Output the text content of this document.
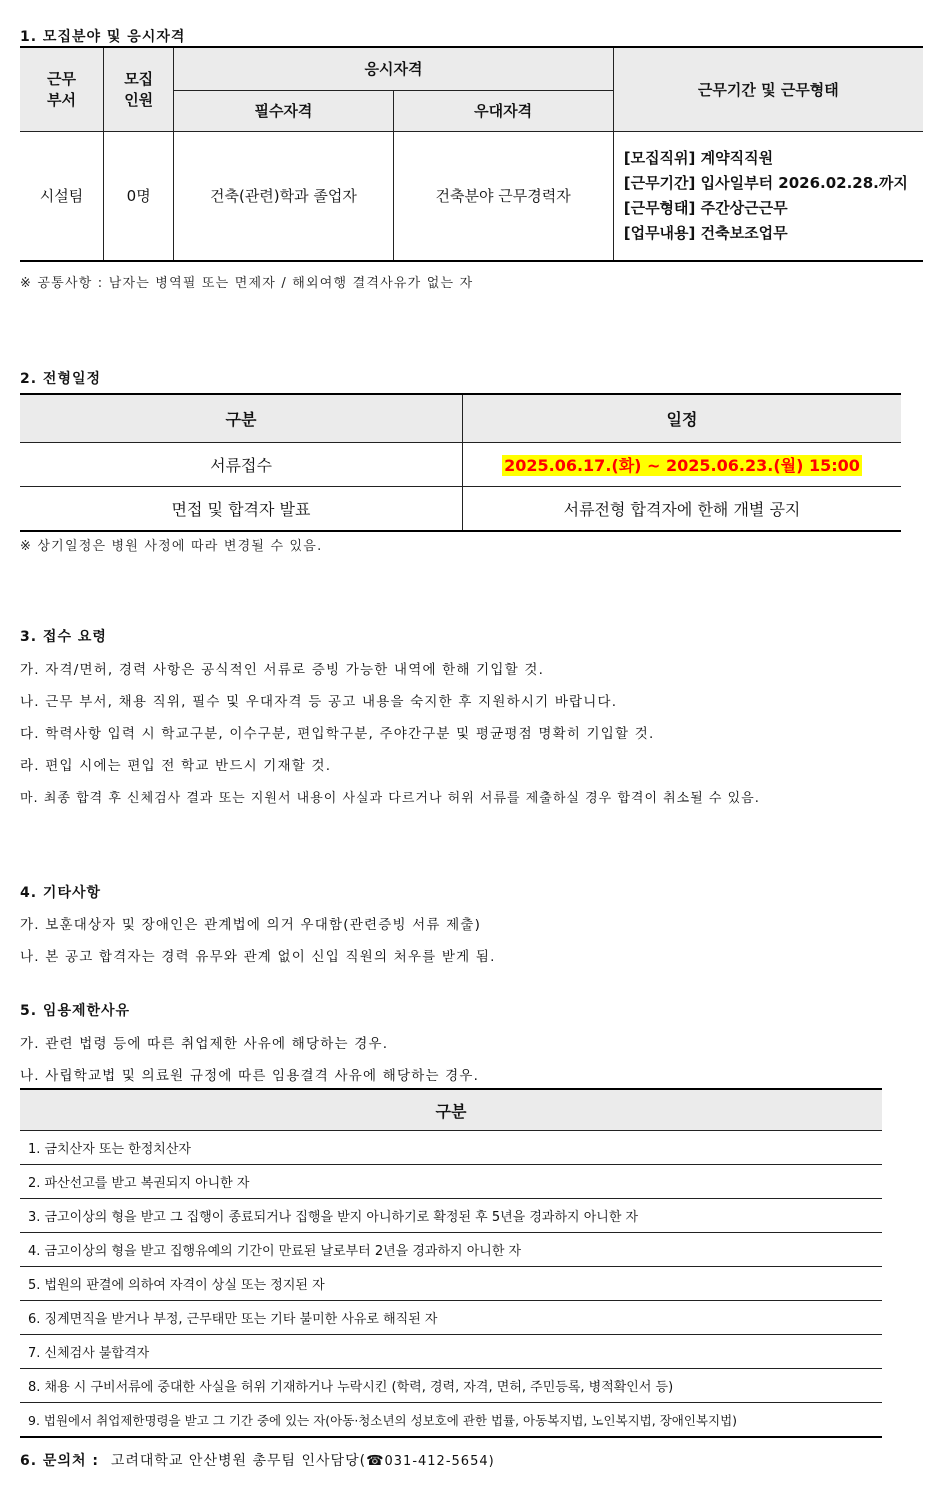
1. 모집분야 및 응시자격
근무
부서	모집
인원	응시자격		근무기간 및 근무형태
		필수자격	우대자격	
시설팀	0명	건축(관련)학과 졸업자	건축분야 근무경력자	[모집직위] 계약직직원
[근무기간] 입사일부터 2026.02.28.까지
[근무형태] 주간상근근무
[업무내용] 건축보조업무
※ 공통사항 : 남자는 병역필 또는 면제자 / 해외여행 결격사유가 없는 자
2. 전형일정
구분	일정
서류접수	2025.06.17.(화) ~ 2025.06.23.(월) 15:00
면접 및 합격자 발표	서류전형 합격자에 한해 개별 공지
※ 상기일정은 병원 사정에 따라 변경될 수 있음.
3. 접수 요령
가. 자격/면허, 경력 사항은 공식적인 서류로 증빙 가능한 내역에 한해 기입할 것.
나. 근무 부서, 채용 직위, 필수 및 우대자격 등 공고 내용을 숙지한 후 지원하시기 바랍니다.
다. 학력사항 입력 시 학교구분, 이수구분, 편입학구분, 주야간구분 및 평균평점 명확히 기입할 것.
라. 편입 시에는 편입 전 학교 반드시 기재할 것.
마. 최종 합격 후 신체검사 결과 또는 지원서 내용이 사실과 다르거나 허위 서류를 제출하실 경우 합격이 취소될 수 있음.
4. 기타사항
가. 보훈대상자 및 장애인은 관계법에 의거 우대함(관련증빙 서류 제출)
나. 본 공고 합격자는 경력 유무와 관계 없이 신입 직원의 처우를 받게 됨.
5. 임용제한사유
가. 관련 법령 등에 따른 취업제한 사유에 해당하는 경우.
나. 사립학교법 및 의료원 규정에 따른 임용결격 사유에 해당하는 경우.
구분
1. 금치산자 또는 한정치산자
2. 파산선고를 받고 복권되지 아니한 자
3. 금고이상의 형을 받고 그 집행이 종료되거나 집행을 받지 아니하기로 확정된 후 5년을 경과하지 아니한 자
4. 금고이상의 형을 받고 집행유예의 기간이 만료된 날로부터 2년을 경과하지 아니한 자
5. 법원의 판결에 의하여 자격이 상실 또는 정지된 자
6. 징계면직을 받거나 부정, 근무태만 또는 기타 불미한 사유로 해직된 자
7. 신체검사 불합격자
8. 채용 시 구비서류에 중대한 사실을 허위 기재하거나 누락시킨 (학력, 경력, 자격, 면허, 주민등록, 병적확인서 등)
9. 법원에서 취업제한명령을 받고 그 기간 중에 있는 자(아동·청소년의 성보호에 관한 법률, 아동복지법, 노인복지법, 장애인복지법)
6. 문의처 : 고려대학교 안산병원 총무팀 인사담당(☎031-412-5654)
